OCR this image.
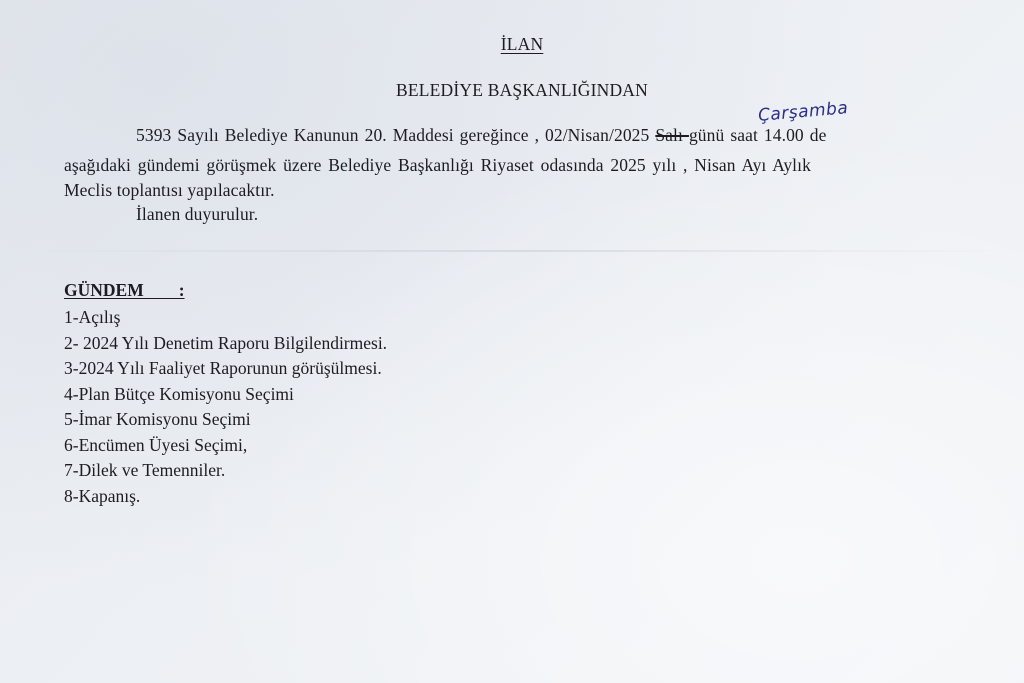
İLAN
BELEDİYE BAŞKANLIĞINDAN
Çarşamba
5393 Sayılı Belediye Kanunun 20. Maddesi gereğince , 02/Nisan/2025 Salı günü saat 14.00 de
aşağıdaki gündemi görüşmek üzere Belediye Başkanlığı Riyaset odasında 2025 yılı , Nisan Ayı Aylık
Meclis toplantısı yapılacaktır.
İlanen duyurulur.
GÜNDEM        :
1-Açılış
2- 2024 Yılı Denetim Raporu Bilgilendirmesi.
3-2024 Yılı Faaliyet Raporunun görüşülmesi.
4-Plan Bütçe Komisyonu Seçimi
5-İmar Komisyonu Seçimi
6-Encümen Üyesi Seçimi,
7-Dilek ve Temenniler.
8-Kapanış.
